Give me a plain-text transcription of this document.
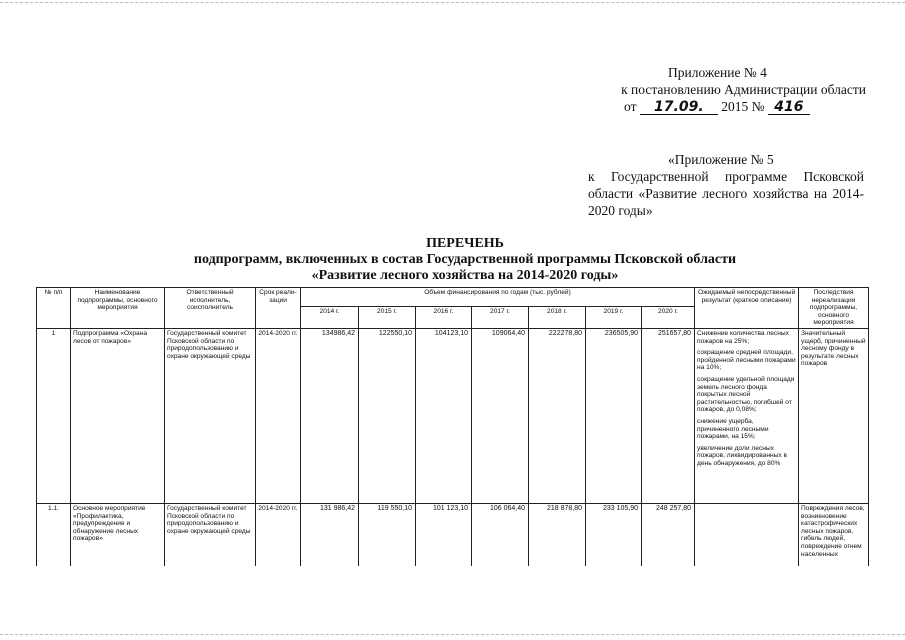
Приложение № 4
к постановлению Администрации области
от 17.09. 2015 № 416
«Приложение № 5
к Государственной программе Псковской области «Развитие лесного хозяйства на 2014-2020 годы»
ПЕРЕЧЕНЬ
подпрограмм, включенных в состав Государственной программы Псковской области
«Развитие лесного хозяйства на 2014-2020 годы»
№ п/п	Наименование подпрограммы, основного мероприятия	Ответственный исполнитель, соисполнитель	Срок реали-зации	Объем финансирования по годам (тыс. рублей)							Ожидаемый непосредственный результат (краткое описание)	Последствия нереализации подпрограммы, основного мероприятия
				2014 г.	2015 г.	2016 г.	2017 г.	2018 г.	2019 г.	2020 г.		
1	Подпрограмма «Охрана лесов от пожаров»	Государственный комитет Псковской области по природопользованию и охране окружающей среды	2014-2020 гг.	134986,42	122550,10	104123,10	109064,40	222278,80	236505,90	251657,80	Снижение количества лесных пожаров на 25%;

сокращение средней площади, пройденной лесными пожарами на 10%;

сокращение удельной площади земель лесного фонда покрытых лесной растительностью, погибшей от пожаров, до 0,08%;

снижение ущерба, причиненного лесными пожарами, на 15%;

увеличение доли лесных пожаров, ликвидированных в день обнаружения, до 80%	Значительный ущерб, причиненный лесному фонду в результате лесных пожаров
1.1.	Основное мероприятие «Профилактика, предупреждение и обнаружение лесных пожаров»	Государственный комитет Псковской области по природопользованию и охране окружающей среды	2014-2020 гг.	131 986,42	119 550,10	101 123,10	106 064,40	218 878,80	233 105,90	248 257,80		Повреждения лесов, возникновение катастрофических лесных пожаров, гибель людей, повреждение огнем населенных
